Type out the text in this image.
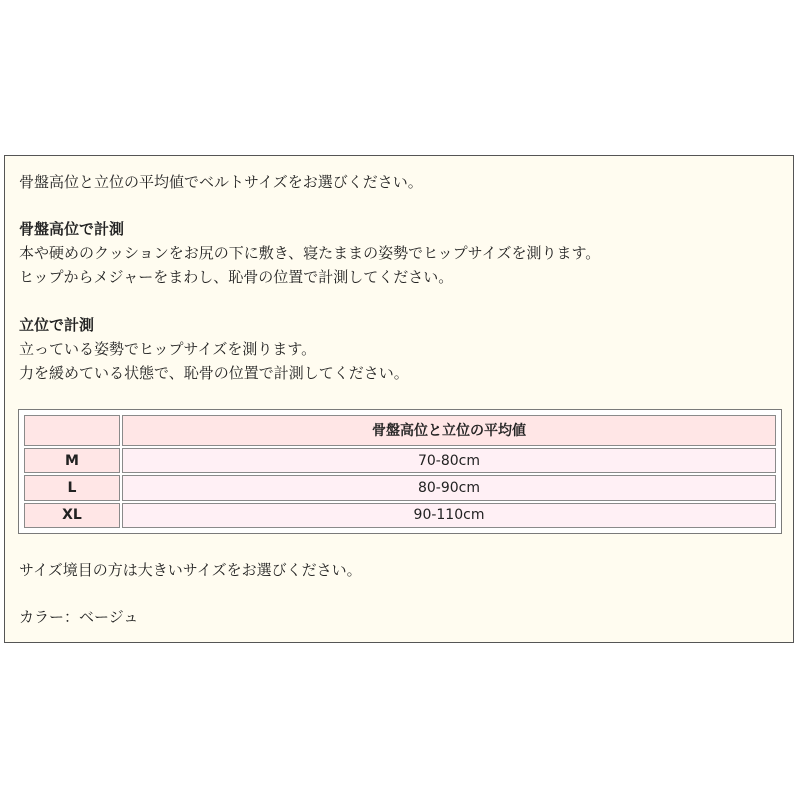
骨盤高位と立位の平均値でベルトサイズをお選びください。
骨盤高位で計測
本や硬めのクッションをお尻の下に敷き、寝たままの姿勢でヒップサイズを測ります。
ヒップからメジャーをまわし、恥骨の位置で計測してください。
立位で計測
立っている姿勢でヒップサイズを測ります。
力を緩めている状態で、恥骨の位置で計測してください。
	骨盤高位と立位の平均値
M	70-80cm
L	80-90cm
XL	90-110cm
サイズ境目の方は大きいサイズをお選びください。
カラー：ベージュ
